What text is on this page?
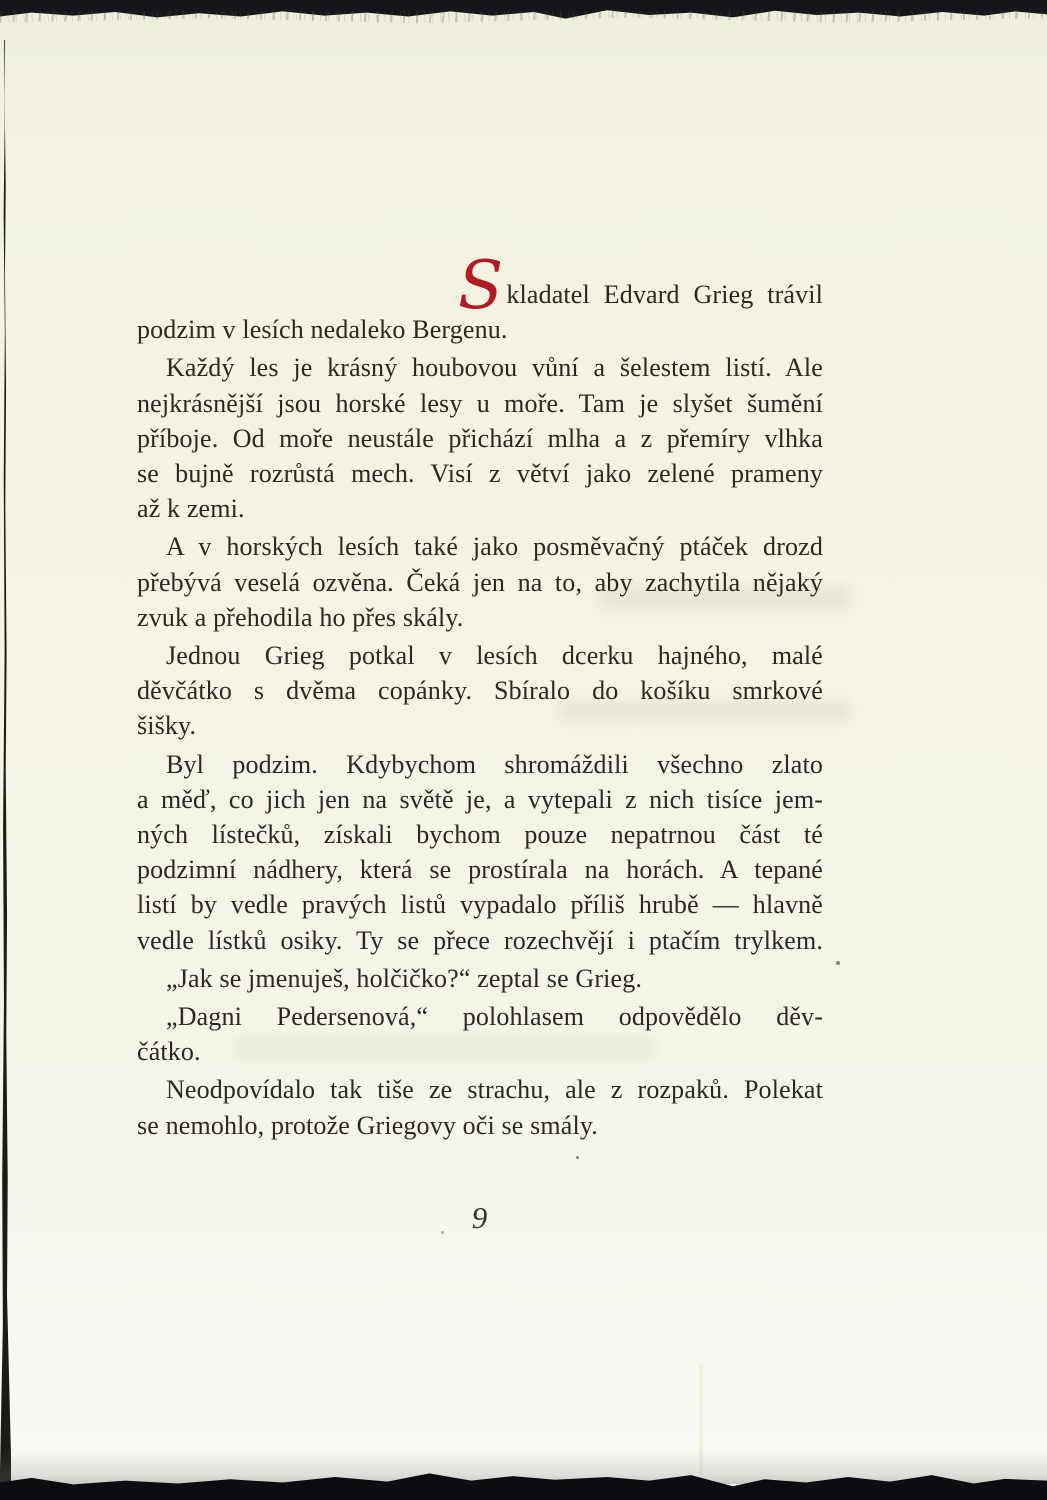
Skladatel Edvard Grieg trávil
podzim v lesích nedaleko Bergenu.
Každý les je krásný houbovou vůní a šelestem listí. Ale
nejkrásnější jsou horské lesy u moře. Tam je slyšet šumění
příboje. Od moře neustále přichází mlha a z přemíry vlhka
se bujně rozrůstá mech. Visí z větví jako zelené prameny
až k zemi.
A v horských lesích také jako posměvačný ptáček drozd
přebývá veselá ozvěna. Čeká jen na to, aby zachytila nějaký
zvuk a přehodila ho přes skály.
Jednou Grieg potkal v lesích dcerku hajného, malé
děvčátko s dvěma copánky. Sbíralo do košíku smrkové
šišky.
Byl podzim. Kdybychom shromáždili všechno zlato
a měď, co jich jen na světě je, a vytepali z nich tisíce jem-
ných lístečků, získali bychom pouze nepatrnou část té
podzimní nádhery, která se prostírala na horách. A tepané
listí by vedle pravých listů vypadalo příliš hrubě — hlavně
vedle lístků osiky. Ty se přece rozechvějí i ptačím trylkem.
„Jak se jmenuješ, holčičko?“ zeptal se Grieg.
„Dagni Pedersenová,“ polohlasem odpovědělo děv-
čátko.
Neodpovídalo tak tiše ze strachu, ale z rozpaků. Polekat
se nemohlo, protože Griegovy oči se smály.
9
